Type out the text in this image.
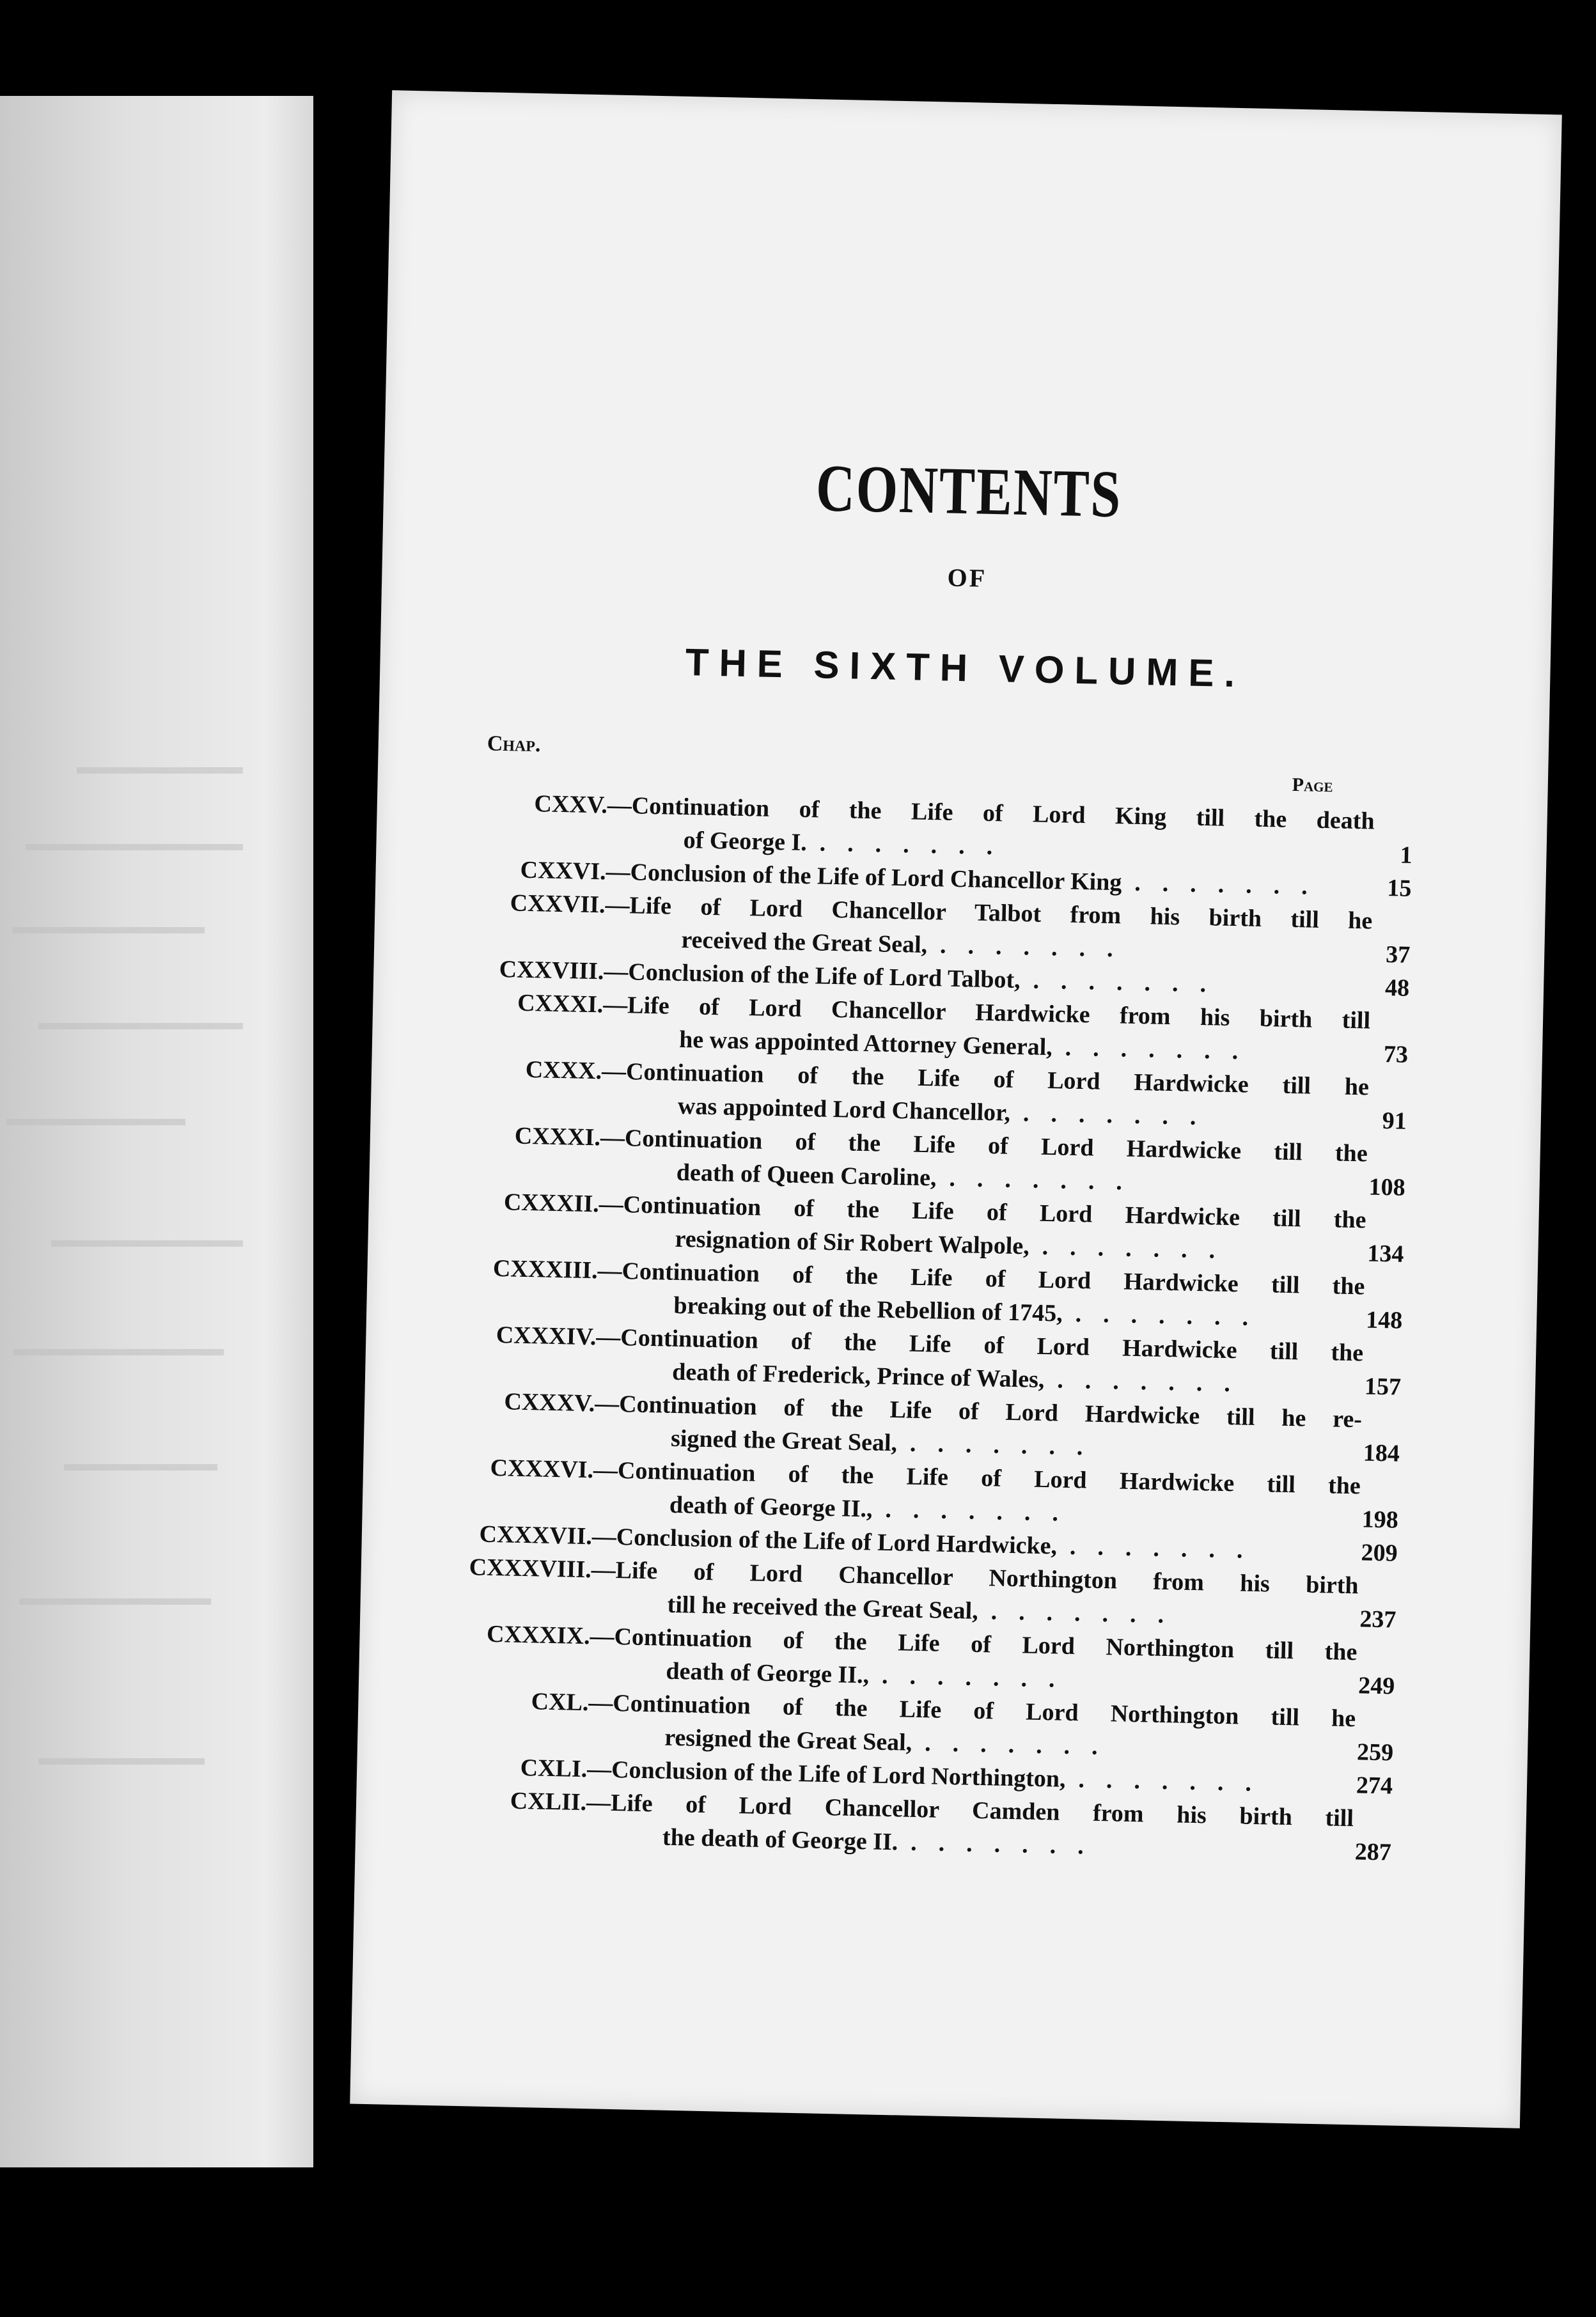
CONTENTS
OF
THE SIXTH VOLUME.
Chap.
Page
CXXV. — Continuation of the Life of Lord King till the death
of George I. .......	1
CXXVI. — Conclusion of the Life of Lord Chancellor King .......	15
CXXVII. — Life of Lord Chancellor Talbot from his birth till he
received the Great Seal, .......	37
CXXVIII. — Conclusion of the Life of Lord Talbot, .......	48
CXXXI. — Life of Lord Chancellor Hardwicke from his birth till
he was appointed Attorney General, .......	73
CXXX. — Continuation of the Life of Lord Hardwicke till he
was appointed Lord Chancellor, .......	91
CXXXI. — Continuation of the Life of Lord Hardwicke till the
death of Queen Caroline, .......	108
CXXXII. — Continuation of the Life of Lord Hardwicke till the
resignation of Sir Robert Walpole, .......	134
CXXXIII. — Continuation of the Life of Lord Hardwicke till the
breaking out of the Rebellion of 1745, .......	148
CXXXIV. — Continuation of the Life of Lord Hardwicke till the
death of Frederick, Prince of Wales, .......	157
CXXXV. — Continuation of the Life of Lord Hardwicke till he re-
signed the Great Seal, .......	184
CXXXVI. — Continuation of the Life of Lord Hardwicke till the
death of George II., .......	198
CXXXVII. — Conclusion of the Life of Lord Hardwicke, .......	209
CXXXVIII. — Life of Lord Chancellor Northington from his birth
till he received the Great Seal, .......	237
CXXXIX. — Continuation of the Life of Lord Northington till the
death of George II., .......	249
CXL. — Continuation of the Life of Lord Northington till he
resigned the Great Seal, .......	259
CXLI. — Conclusion of the Life of Lord Northington, .......	274
CXLII. — Life of Lord Chancellor Camden from his birth till
the death of George II. .......	287
